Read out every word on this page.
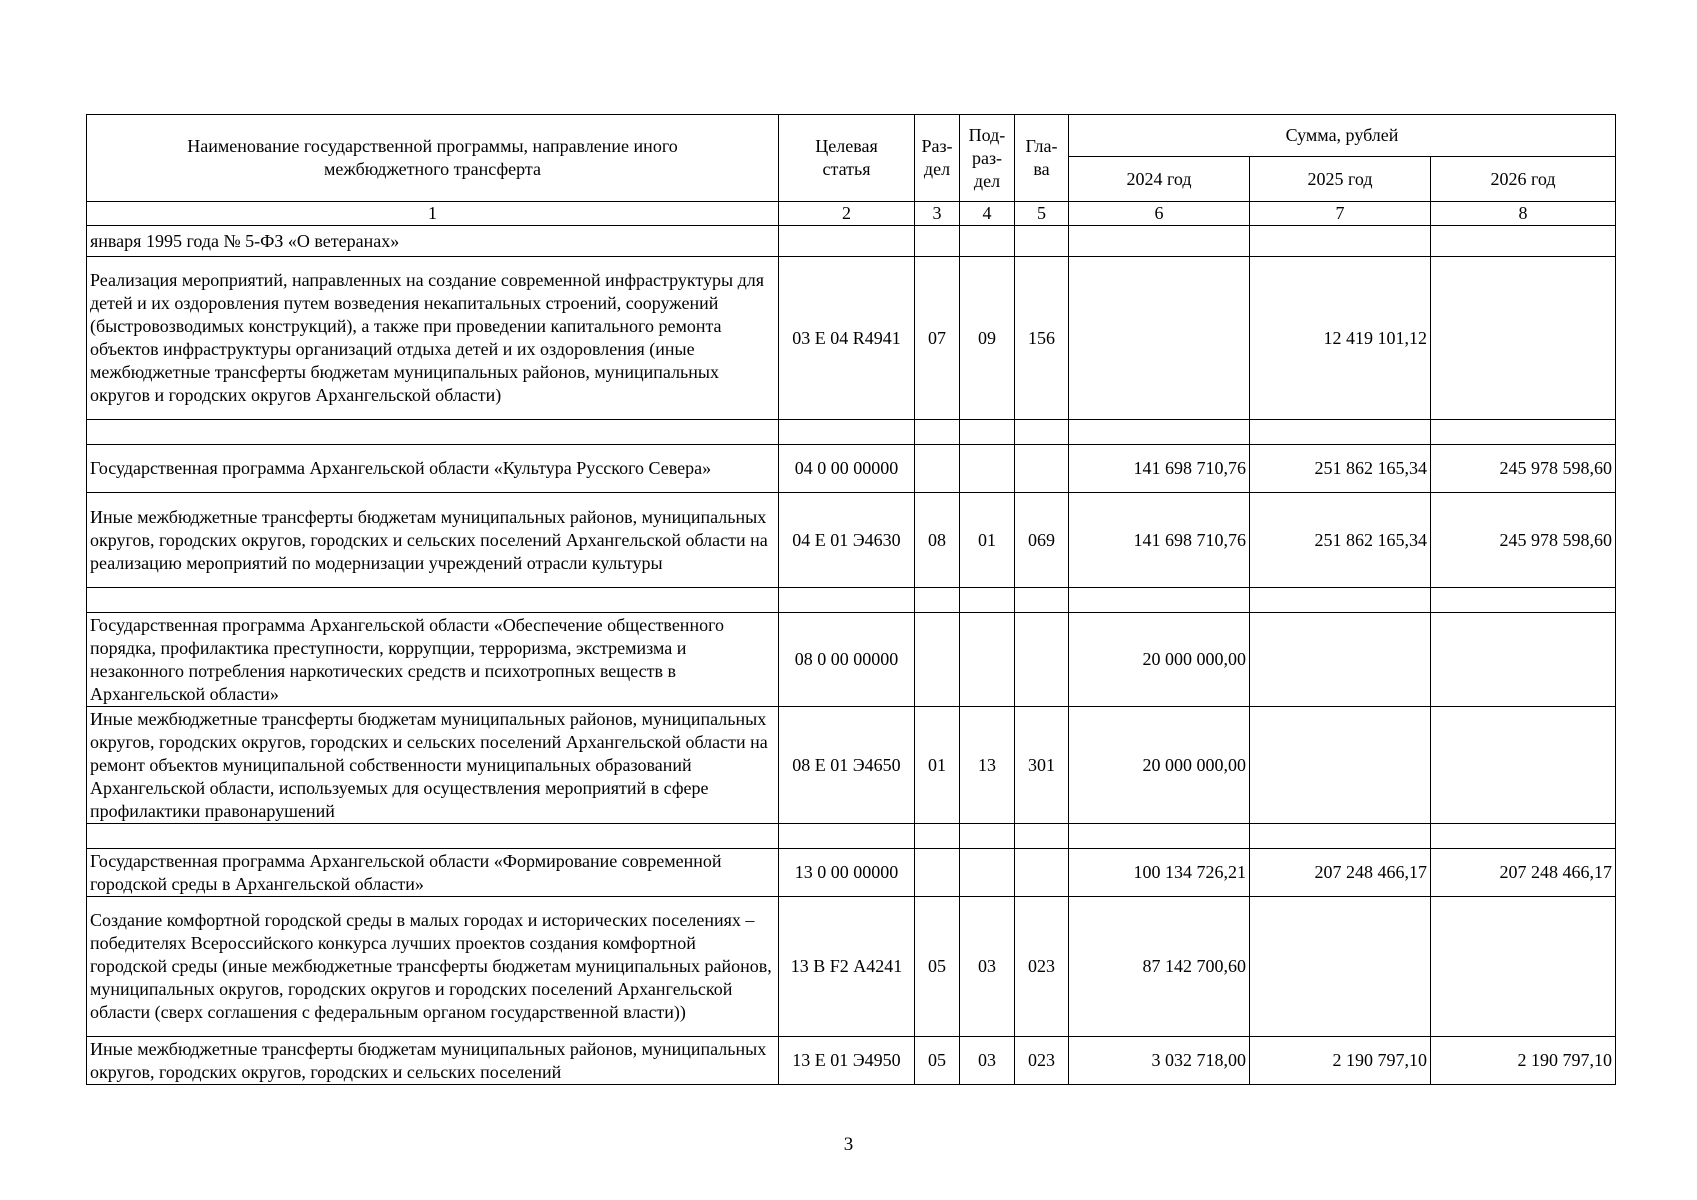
Наименование государственной программы, направление иного межбюджетного трансферта	Целевая статья	Раз-дел	Под-раз-дел	Гла-ва	Сумма, рублей		
					2024 год	2025 год	2026 год
1	2	3	4	5	6	7	8
января 1995 года № 5-ФЗ «О ветеранах»							
Реализация мероприятий, направленных на создание современной инфраструктуры для детей и их оздоровления путем возведения некапитальных строений, сооружений (быстровозводимых конструкций), а также при проведении капитального ремонта объектов инфраструктуры организаций отдыха детей и их оздоровления (иные межбюджетные трансферты бюджетам муниципальных районов, муниципальных округов и городских округов Архангельской области)	03 Е 04 R4941	07	09	156		12 419 101,12	

Государственная программа Архангельской области «Культура Русского Севера»	04 0 00 00000				141 698 710,76	251 862 165,34	245 978 598,60
Иные межбюджетные трансферты бюджетам муниципальных районов, муниципальных округов, городских округов, городских и сельских поселений Архангельской области на реализацию мероприятий по модернизации учреждений отрасли культуры	04 Е 01 Э4630	08	01	069	141 698 710,76	251 862 165,34	245 978 598,60

Государственная программа Архангельской области «Обеспечение общественного порядка, профилактика преступности, коррупции, терроризма, экстремизма и незаконного потребления наркотических средств и психотропных веществ в Архангельской области»	08 0 00 00000				20 000 000,00		
Иные межбюджетные трансферты бюджетам муниципальных районов, муниципальных округов, городских округов, городских и сельских поселений Архангельской области на ремонт объектов муниципальной собственности муниципальных образований Архангельской области, используемых для осуществления мероприятий в сфере профилактики правонарушений	08 Е 01 Э4650	01	13	301	20 000 000,00		

Государственная программа Архангельской области «Формирование современной городской среды в Архангельской области»	13 0 00 00000				100 134 726,21	207 248 466,17	207 248 466,17
Создание комфортной городской среды в малых городах и исторических поселениях – победителях Всероссийского конкурса лучших проектов создания комфортной городской среды (иные межбюджетные трансферты бюджетам муниципальных районов, муниципальных округов, городских округов и городских поселений Архангельской области (сверх соглашения с федеральным органом государственной власти))	13 В F2 А4241	05	03	023	87 142 700,60		
Иные межбюджетные трансферты бюджетам муниципальных районов, муниципальных округов, городских округов, городских и сельских поселений	13 Е 01 Э4950	05	03	023	3 032 718,00	2 190 797,10	2 190 797,10
3
